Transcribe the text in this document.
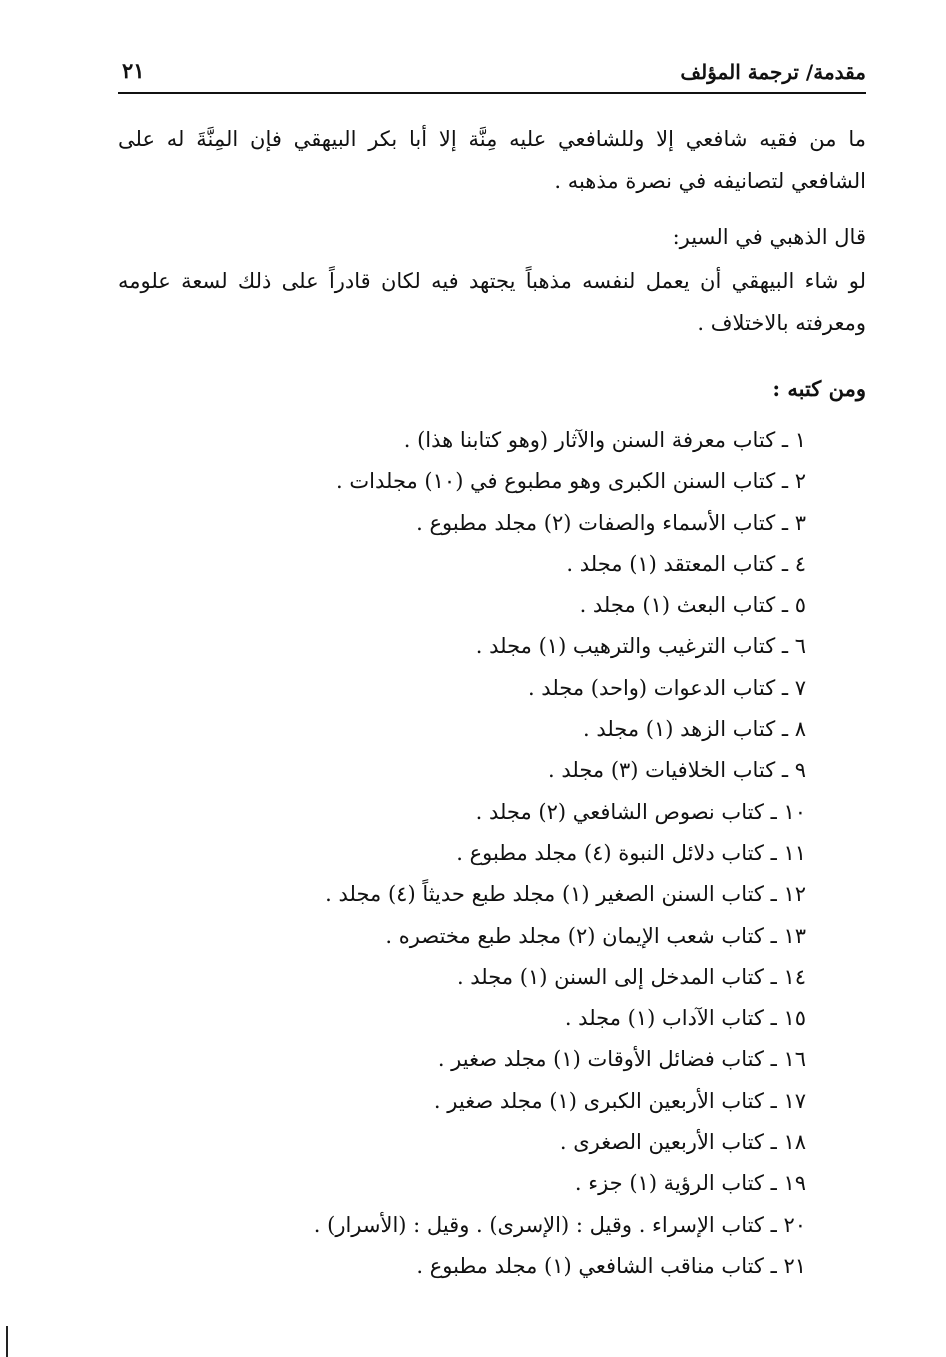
مقدمة/ ترجمة المؤلف
٢١
ما من فقيه شافعي إلا وللشافعي عليه مِنَّة إلا أبا بكر البيهقي فإن المِنَّةَ له على الشافعي لتصانيفه في نصرة مذهبه .
قال الذهبي في السير:
لو شاء البيهقي أن يعمل لنفسه مذهباً يجتهد فيه لكان قادراً على ذلك لسعة علومه ومعرفته بالاختلاف .
ومن كتبه :
١ ـ كتاب معرفة السنن والآثار (وهو كتابنا هذا) .
٢ ـ كتاب السنن الكبرى وهو مطبوع في (١٠) مجلدات .
٣ ـ كتاب الأسماء والصفات (٢) مجلد مطبوع .
٤ ـ كتاب المعتقد (١) مجلد .
٥ ـ كتاب البعث (١) مجلد .
٦ ـ كتاب الترغيب والترهيب (١) مجلد .
٧ ـ كتاب الدعوات (واحد) مجلد .
٨ ـ كتاب الزهد (١) مجلد .
٩ ـ كتاب الخلافيات (٣) مجلد .
١٠ ـ كتاب نصوص الشافعي (٢) مجلد .
١١ ـ كتاب دلائل النبوة (٤) مجلد مطبوع .
١٢ ـ كتاب السنن الصغير (١) مجلد طبع حديثاً (٤) مجلد .
١٣ ـ كتاب شعب الإيمان (٢) مجلد طبع مختصره .
١٤ ـ كتاب المدخل إلى السنن (١) مجلد .
١٥ ـ كتاب الآداب (١) مجلد .
١٦ ـ كتاب فضائل الأوقات (١) مجلد صغير .
١٧ ـ كتاب الأربعين الكبرى (١) مجلد صغير .
١٨ ـ كتاب الأربعين الصغرى .
١٩ ـ كتاب الرؤية (١) جزء .
٢٠ ـ كتاب الإسراء . وقيل : (الإسرى) . وقيل : (الأسرار) .
٢١ ـ كتاب مناقب الشافعي (١) مجلد مطبوع .
